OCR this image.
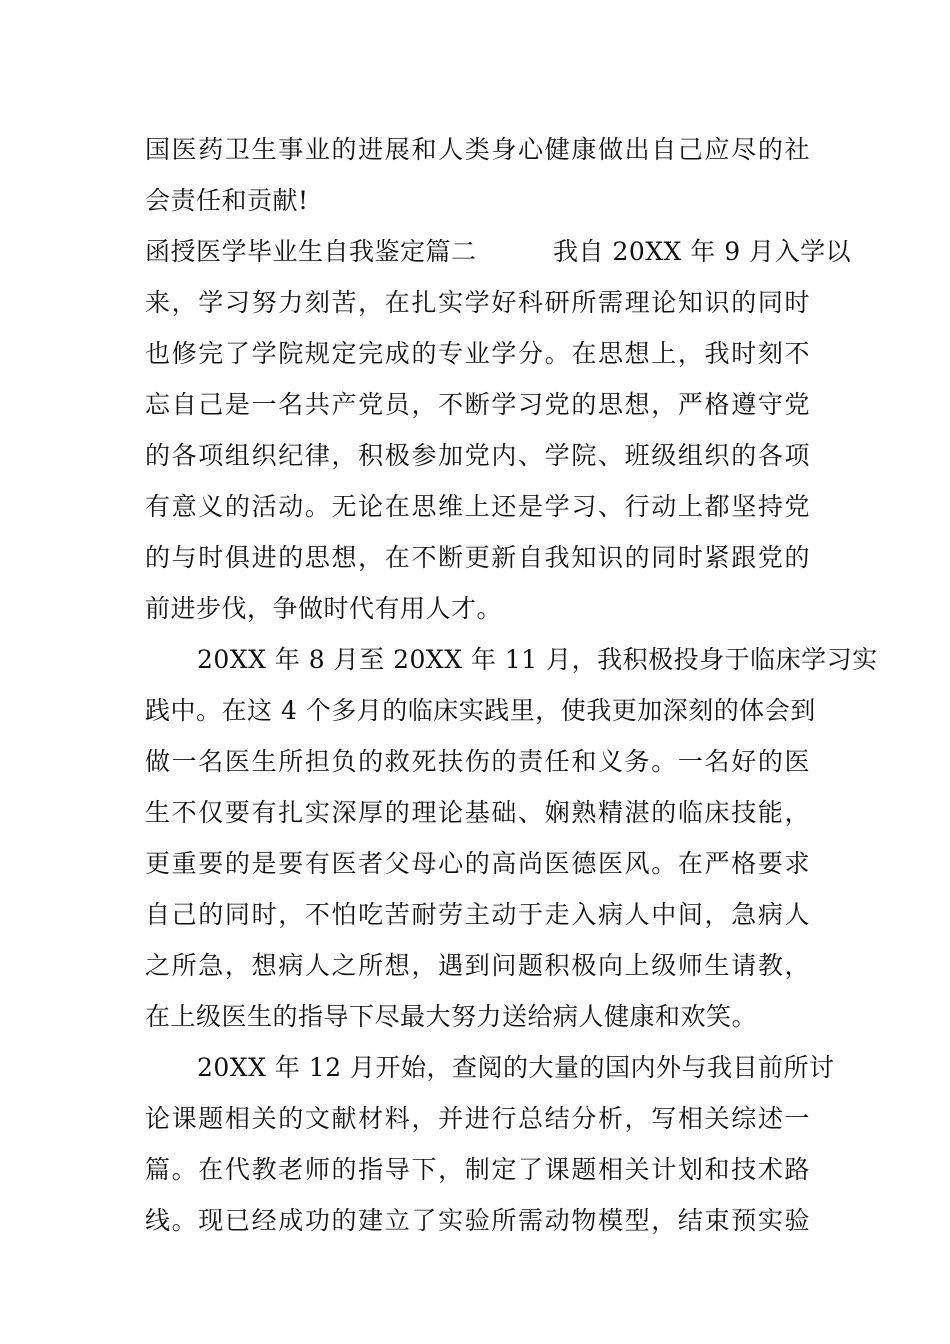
国医药卫生事业的进展和人类身心健康做出自己应尽的社
会责任和贡献!
函授医学毕业生自我鉴定篇二　　　我自 20XX 年 9 月入学以
来，学习努力刻苦，在扎实学好科研所需理论知识的同时
也修完了学院规定完成的专业学分。在思想上，我时刻不
忘自己是一名共产党员，不断学习党的思想，严格遵守党
的各项组织纪律，积极参加党内、学院、班级组织的各项
有意义的活动。无论在思维上还是学习、行动上都坚持党
的与时俱进的思想，在不断更新自我知识的同时紧跟党的
前进步伐，争做时代有用人才。
20XX 年 8 月至 20XX 年 11 月，我积极投身于临床学习实
践中。在这 4 个多月的临床实践里，使我更加深刻的体会到
做一名医生所担负的救死扶伤的责任和义务。一名好的医
生不仅要有扎实深厚的理论基础、娴熟精湛的临床技能，
更重要的是要有医者父母心的高尚医德医风。在严格要求
自己的同时，不怕吃苦耐劳主动于走入病人中间，急病人
之所急，想病人之所想，遇到问题积极向上级师生请教，
在上级医生的指导下尽最大努力送给病人健康和欢笑。
20XX 年 12 月开始，查阅的大量的国内外与我目前所讨
论课题相关的文献材料，并进行总结分析，写相关综述一
篇。在代教老师的指导下，制定了课题相关计划和技术路
线。现已经成功的建立了实验所需动物模型，结束预实验
